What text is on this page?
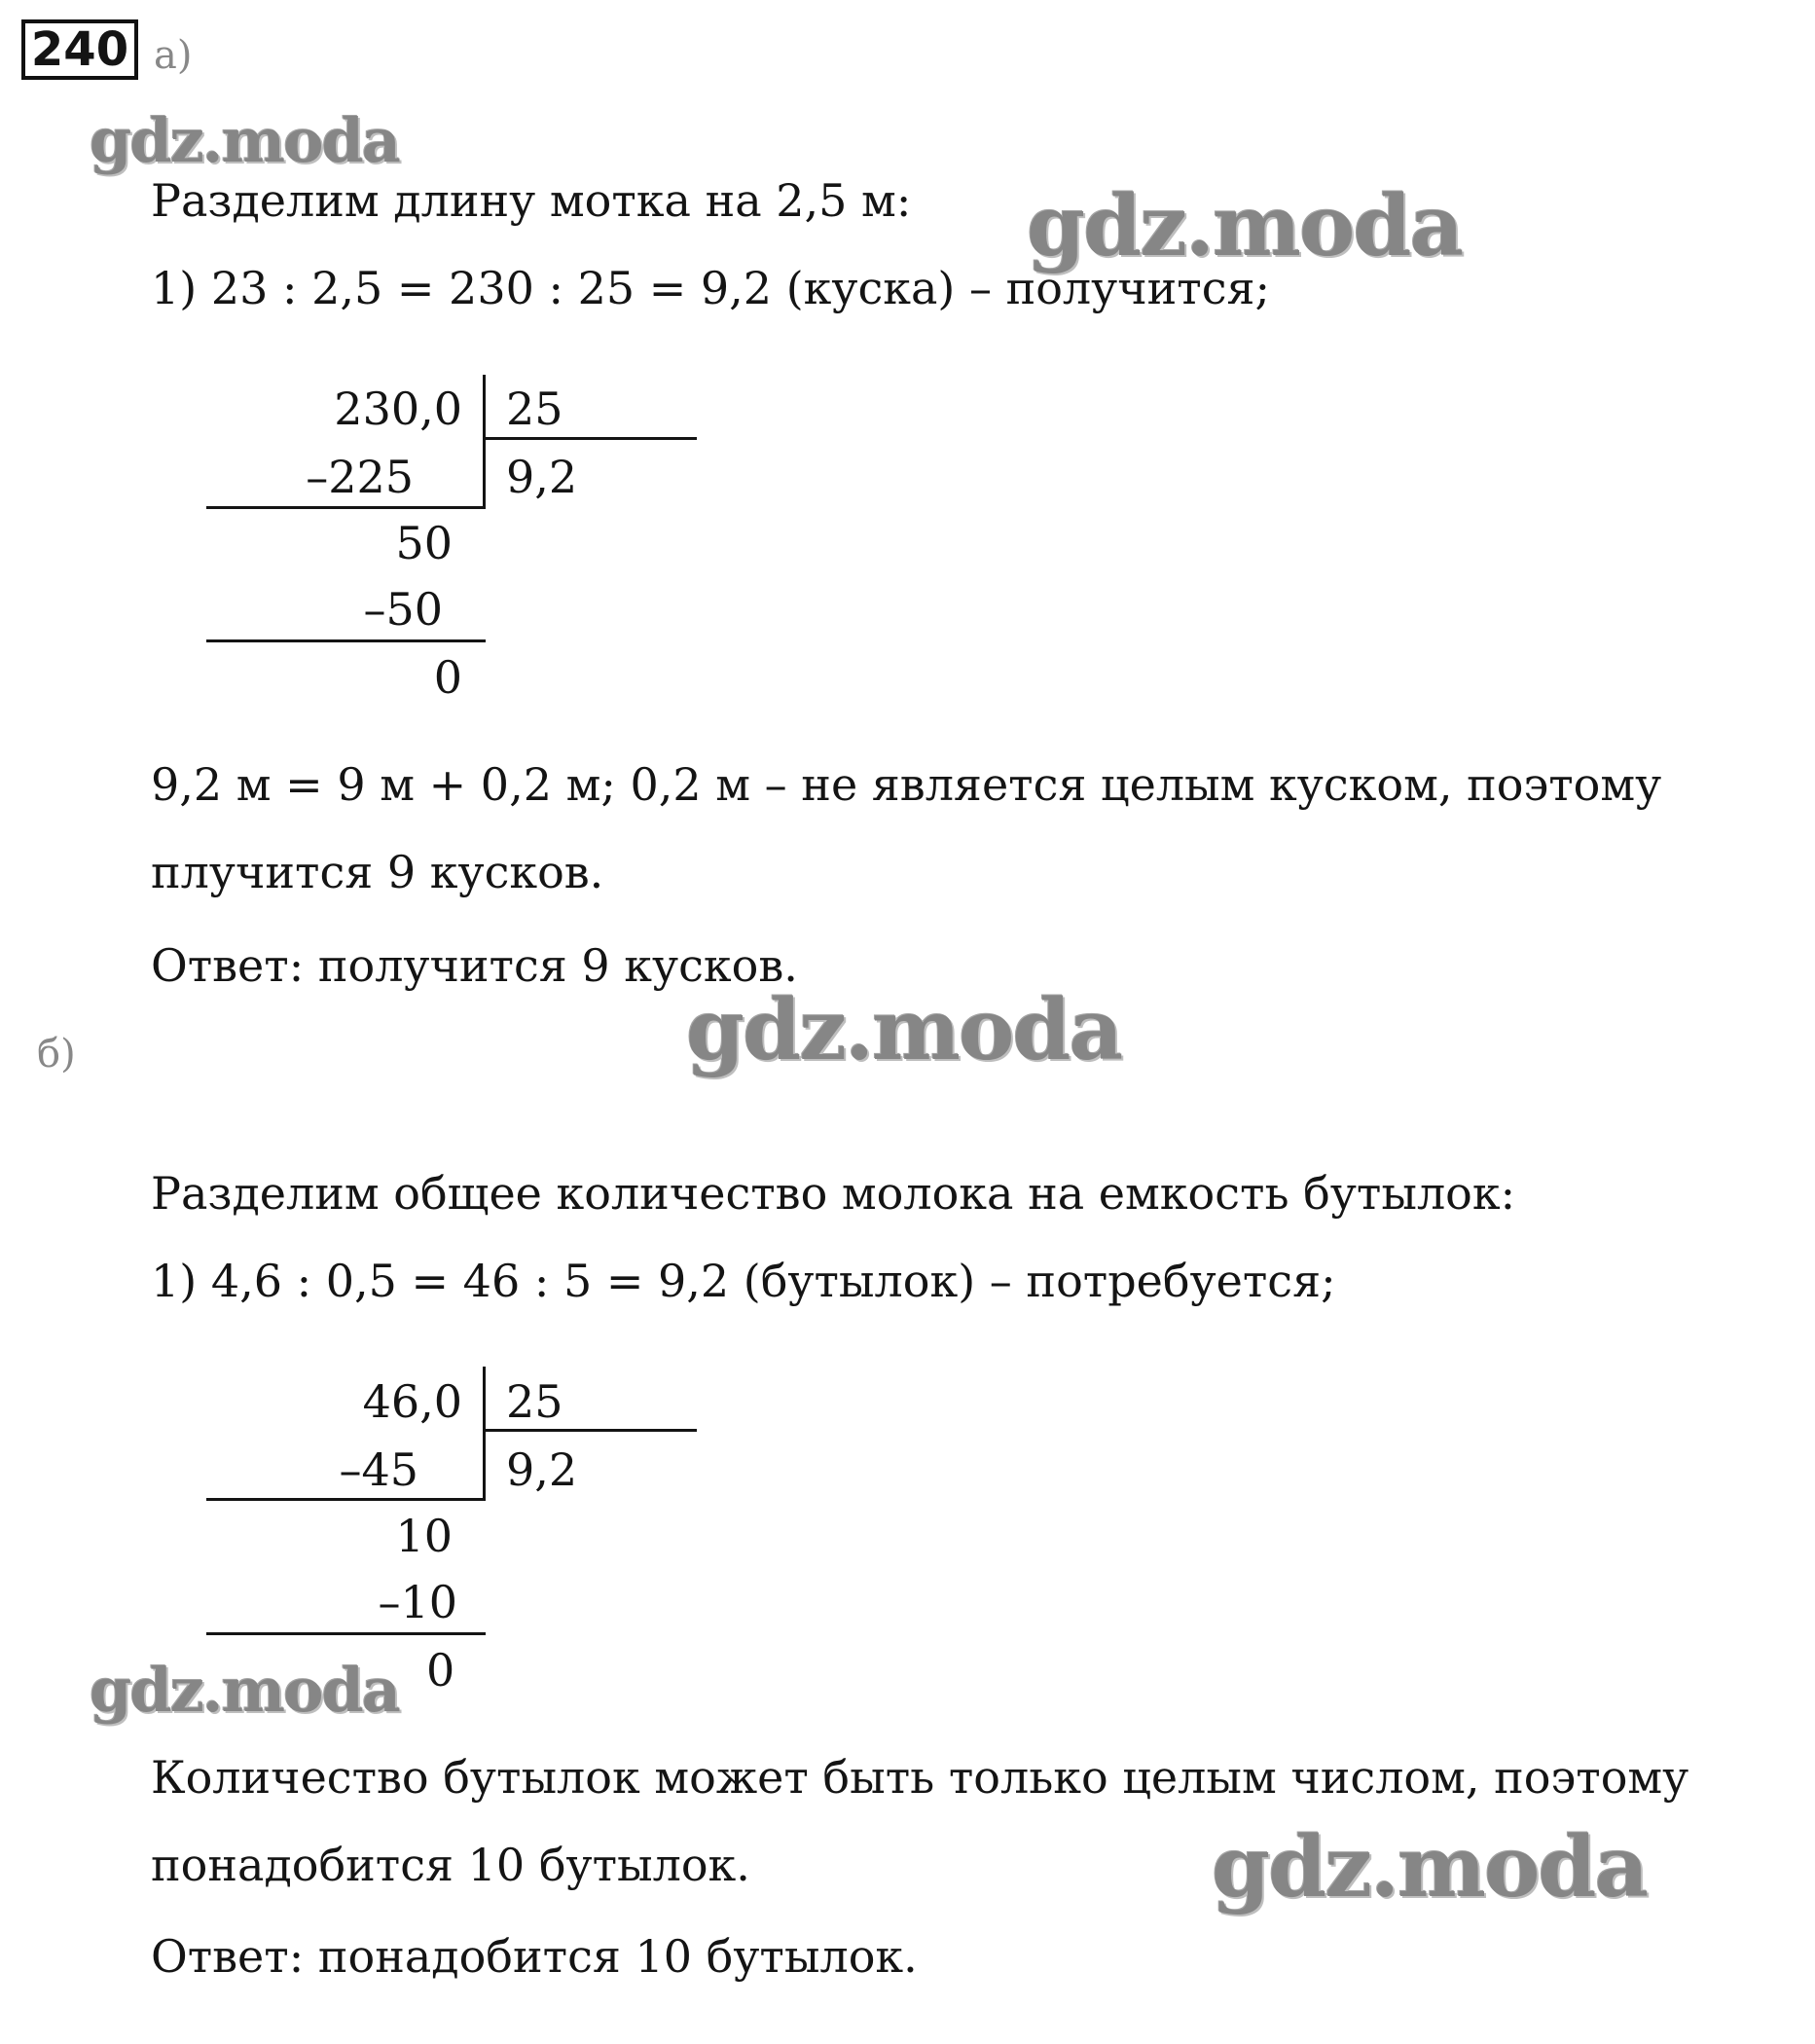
240 а)
Разделим длину мотка на 2,5 м:
1) 23 : 2,5 = 230 : 25 = 9,2 (куска) – получится;
230,0 25
9,2
–225
50
–50
0
9,2 м = 9 м + 0,2 м; 0,2 м – не является целым куском, поэтому
плучится 9 кусков.
Ответ: получится 9 кусков.
б)
Разделим общее количество молока на емкость бутылок:
1) 4,6 : 0,5 = 46 : 5 = 9,2 (бутылок) – потребуется;
46,0 25
9,2
–45
10
–10
0
Количество бутылок может быть только целым числом, поэтому
понадобится 10 бутылок.
Ответ: понадобится 10 бутылок.
gdz.moda
gdz.moda
gdz.moda
gdz.moda
gdz.moda
